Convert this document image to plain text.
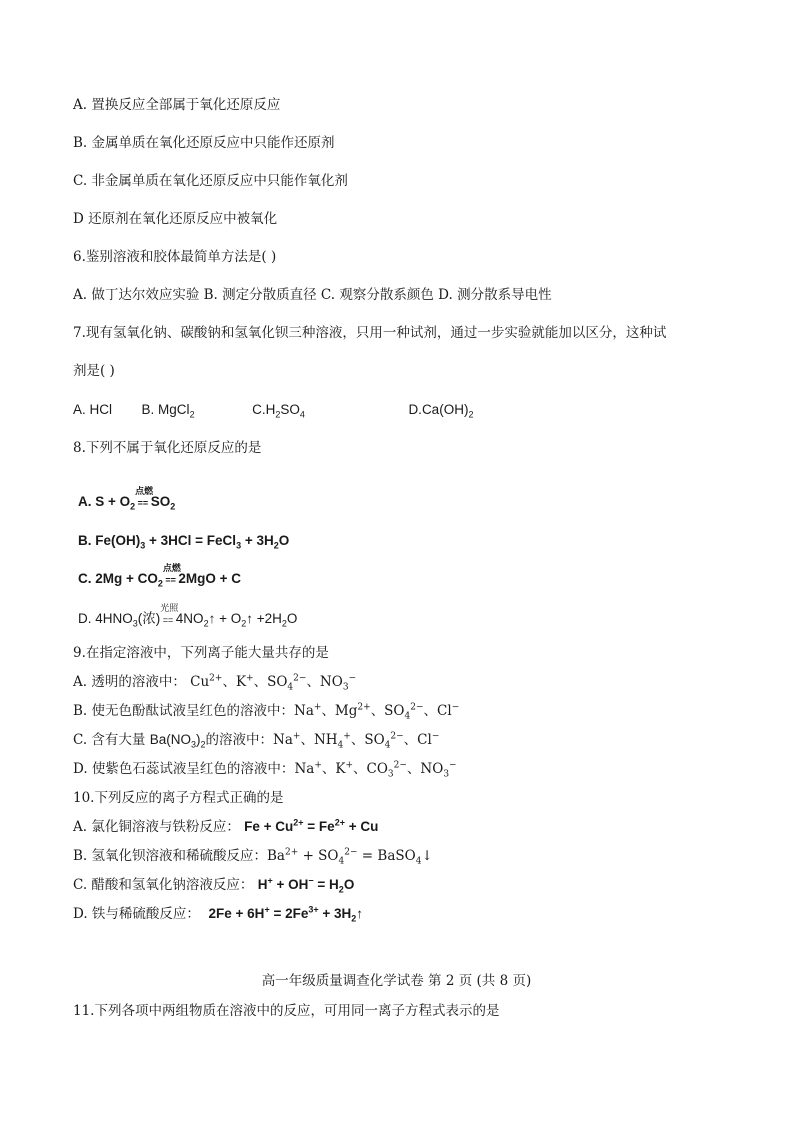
A. 置换反应全部属于氧化还原反应
B. 金属单质在氧化还原反应中只能作还原剂
C. 非金属单质在氧化还原反应中只能作氧化剂
D 还原剂在氧化还原反应中被氧化
6.鉴别溶液和胶体最简单方法是( )
A. 做丁达尔效应实验 B. 测定分散质直径 C. 观察分散系颜色 D. 测分散系导电性
7.现有氢氧化钠、碳酸钠和氢氧化钡三种溶液，只用一种试剂，通过一步实验就能加以区分，这种试
剂是( )
A. HCl B. MgCl$_2$	$C.H_2SO_4$	$D.Ca(OH)_2$
8.下列不属于氧化还原反应的是
A. $S + O_2$
点燃
== $SO_2$
B. $Fe(OH)_3 + 3HCl$ = FeCl$_3$ + $3H_2O$
C. $2Mg + CO_2$
点燃
== 2MgO + C
D. $4HNO_3$(浓)
光照
== $4NO_2↑$ + $O_2↑ +2H_2O$
9.在指定溶液中，下列离子能大量共存的是
A. 透明的溶液中： $Cu^{2+}$、K+、$SO_4^{2-}$、$NO_3^-$
B. 使无色酚酞试液呈红色的溶液中：Na+、$Mg^{2+}$、$SO_4^{2-}$、Cl−
C. 含有大量 $Ba(NO_3)_2$的溶液中：Na+、$NH_4^+$、$SO_4^{2-}$、Cl−
D. 使紫色石蕊试液呈红色的溶液中：Na+、K+、$CO_3^{2-}$、$NO_3^-$
10.下列反应的离子方程式正确的是
A. 氯化铜溶液与铁粉反应： $Fe + Cu^{2+} = Fe^{2+} + Cu$
B. 氢氧化钡溶液和稀硫酸反应：$Ba^{2+} + SO_4^{2-}$ = BaSO$_4$↓
C. 醋酸和氢氧化钠溶液反应： $H^+ + OH^- = H_2O$
D. 铁与稀硫酸反应： $2Fe + 6H^+ = 2Fe^{3+}$ + $3H_2↑$
高一年级质量调查化学试卷 第 2 页 (共 8 页)
11.下列各项中两组物质在溶液中的反应，可用同一离子方程式表示的是
